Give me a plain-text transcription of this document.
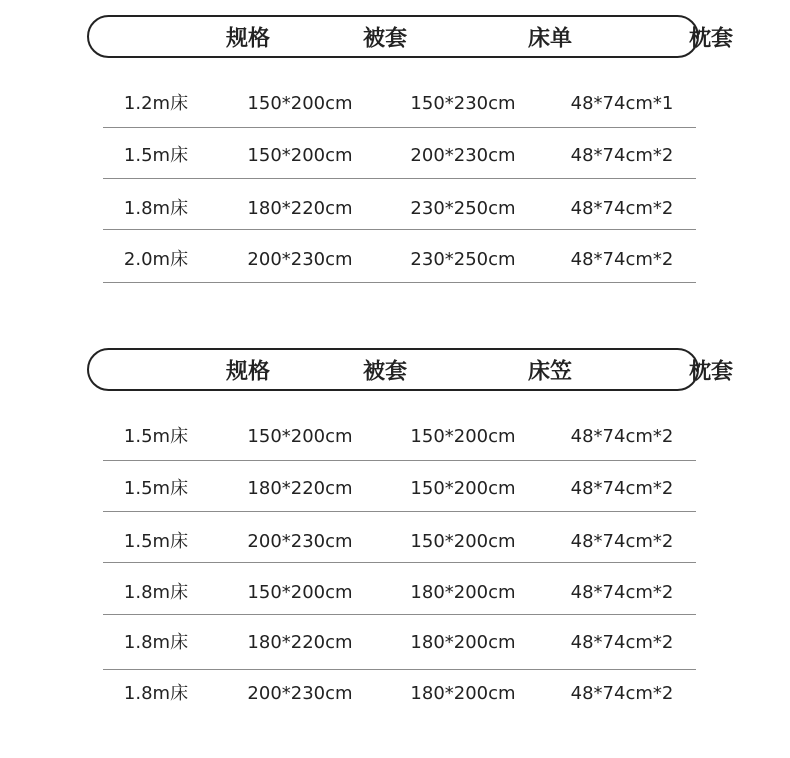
规格	被套	床单	枕套
1.2m床	150*200cm	150*230cm	48*74cm*1
1.5m床	150*200cm	200*230cm	48*74cm*2
1.8m床	180*220cm	230*250cm	48*74cm*2
2.0m床	200*230cm	230*250cm	48*74cm*2
规格	被套	床笠	枕套
1.5m床	150*200cm	150*200cm	48*74cm*2
1.5m床	180*220cm	150*200cm	48*74cm*2
1.5m床	200*230cm	150*200cm	48*74cm*2
1.8m床	150*200cm	180*200cm	48*74cm*2
1.8m床	180*220cm	180*200cm	48*74cm*2
1.8m床	200*230cm	180*200cm	48*74cm*2
